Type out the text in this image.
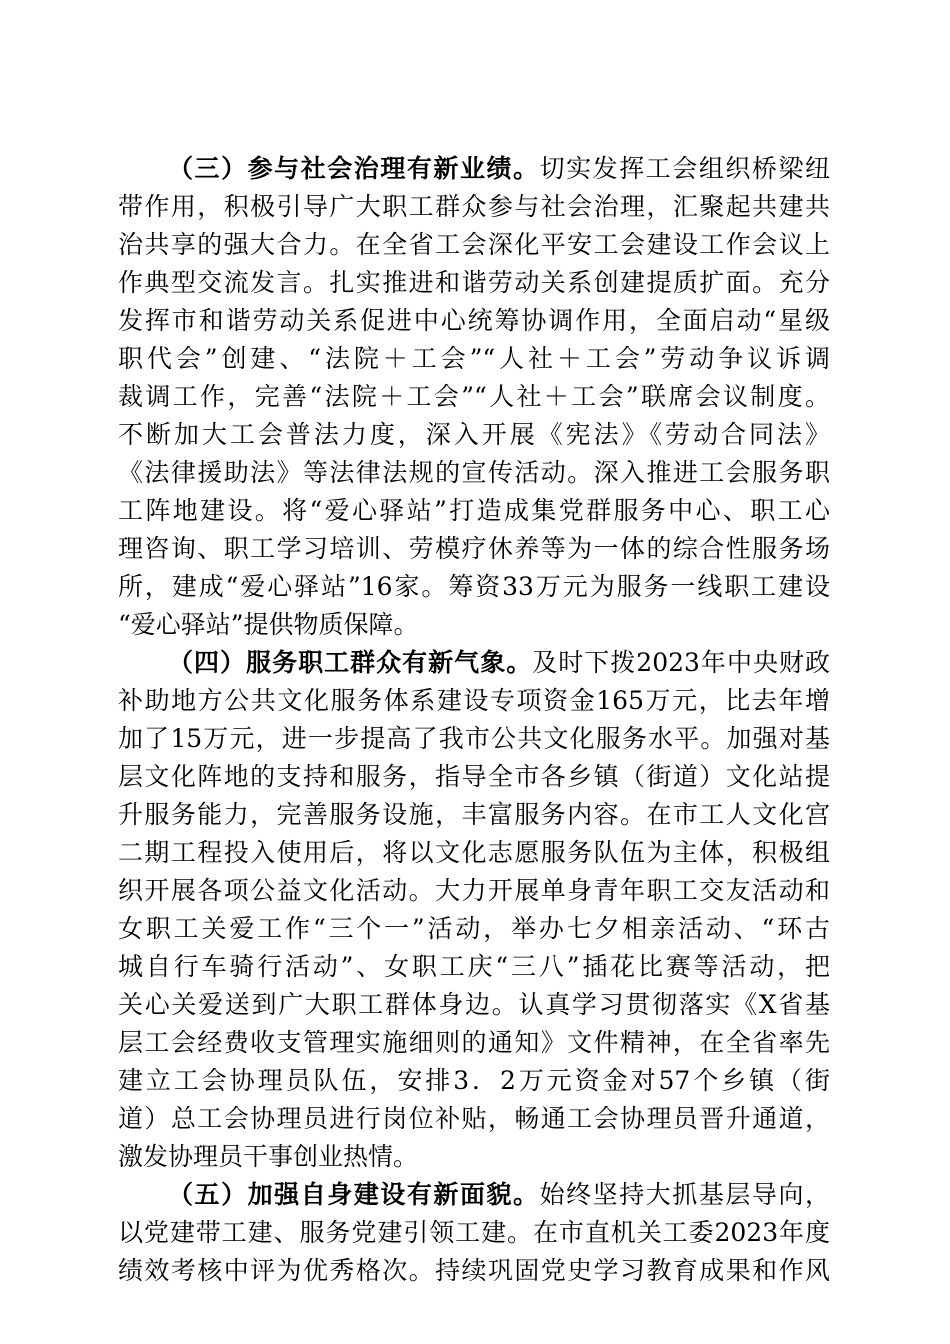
（三）参与社会治理有新业绩。切实发挥工会组织桥梁纽
带作用，积极引导广大职工群众参与社会治理，汇聚起共建共
治共享的强大合力。在全省工会深化平安工会建设工作会议上
作典型交流发言。扎实推进和谐劳动关系创建提质扩面。充分
发挥市和谐劳动关系促进中心统筹协调作用，全面启动“星级
职代会”创建、“法院＋工会”“人社＋工会”劳动争议诉调
裁调工作，完善“法院＋工会”“人社＋工会”联席会议制度。
不断加大工会普法力度，深入开展《宪法》《劳动合同法》
《法律援助法》等法律法规的宣传活动。深入推进工会服务职
工阵地建设。将“爱心驿站”打造成集党群服务中心、职工心
理咨询、职工学习培训、劳模疗休养等为一体的综合性服务场
所，建成“爱心驿站”16家。筹资33万元为服务一线职工建设
“爱心驿站”提供物质保障。
（四）服务职工群众有新气象。及时下拨2023年中央财政
补助地方公共文化服务体系建设专项资金165万元，比去年增
加了15万元，进一步提高了我市公共文化服务水平。加强对基
层文化阵地的支持和服务，指导全市各乡镇（街道）文化站提
升服务能力，完善服务设施，丰富服务内容。在市工人文化宫
二期工程投入使用后，将以文化志愿服务队伍为主体，积极组
织开展各项公益文化活动。大力开展单身青年职工交友活动和
女职工关爱工作“三个一”活动，举办七夕相亲活动、“环古
城自行车骑行活动”、女职工庆“三八”插花比赛等活动，把
关心关爱送到广大职工群体身边。认真学习贯彻落实《X省基
层工会经费收支管理实施细则的通知》文件精神，在全省率先
建立工会协理员队伍，安排3．2万元资金对57个乡镇（街
道）总工会协理员进行岗位补贴，畅通工会协理员晋升通道，
激发协理员干事创业热情。
（五）加强自身建设有新面貌。始终坚持大抓基层导向，
以党建带工建、服务党建引领工建。在市直机关工委2023年度
绩效考核中评为优秀格次。持续巩固党史学习教育成果和作风
